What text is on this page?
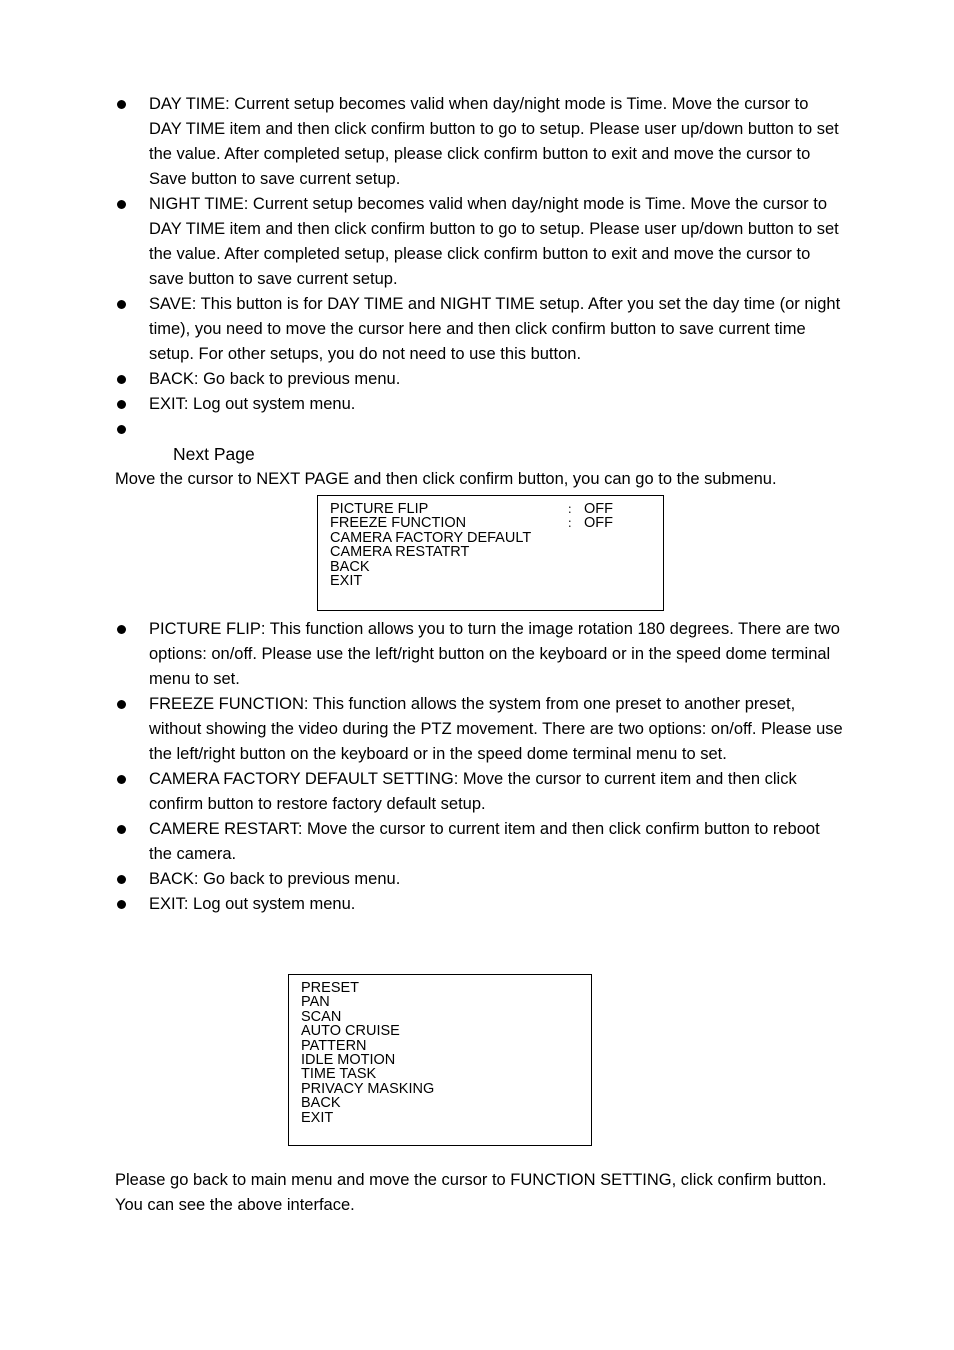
DAY TIME: Current setup becomes valid when day/night mode is Time. Move the cursor to DAY TIME item and then click confirm button to go to setup. Please user up/down button to set the value. After completed setup, please click confirm button to exit and move the cursor to Save button to save current setup.
NIGHT TIME: Current setup becomes valid when day/night mode is Time. Move the cursor to DAY TIME item and then click confirm button to go to setup. Please user up/down button to set the value. After completed setup, please click confirm button to exit and move the cursor to save button to save current setup.
SAVE: This button is for DAY TIME and NIGHT TIME setup. After you set the day time (or night time), you need to move the cursor here and then click confirm button to save current time setup. For other setups, you do not need to use this button.
BACK: Go back to previous menu.
EXIT: Log out system menu.
Next Page
Move the cursor to NEXT PAGE and then click confirm button, you can go to the submenu.
PICTURE FLIP	： OFF
FREEZE FUNCTION	： OFF
CAMERA FACTORY DEFAULT
CAMERA RESTATRT
BACK
EXIT
PICTURE FLIP: This function allows you to turn the image rotation 180 degrees. There are two options: on/off. Please use the left/right button on the keyboard or in the speed dome terminal menu to set.
FREEZE FUNCTION: This function allows the system from one preset to another preset, without showing the video during the PTZ movement. There are two options: on/off. Please use the left/right button on the keyboard or in the speed dome terminal menu to set.
CAMERA FACTORY DEFAULT SETTING: Move the cursor to current item and then click confirm button to restore factory default setup.
CAMERE RESTART: Move the cursor to current item and then click confirm button to reboot the camera.
BACK: Go back to previous menu.
EXIT: Log out system menu.
PRESET
PAN
SCAN
AUTO CRUISE
PATTERN
IDLE MOTION
TIME TASK
PRIVACY MASKING
BACK
EXIT
Please go back to main menu and move the cursor to FUNCTION SETTING, click confirm button. You can see the above interface.
